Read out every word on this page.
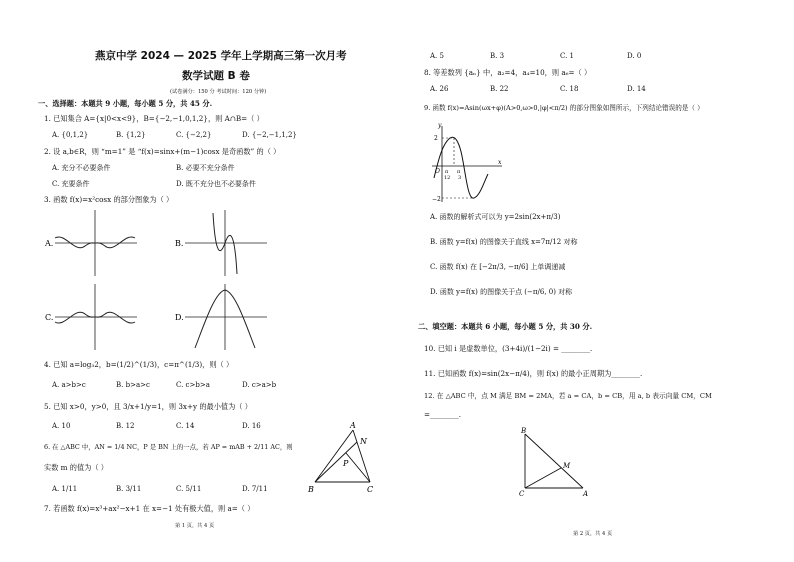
燕京中学 2024 — 2025 学年上学期高三第一次月考
数学试题 B 卷
(试卷满分：150 分 考试时间：120 分钟)
一、选择题：本题共 9 小题，每小题 5 分，共 45 分.
1. 已知集合 A={x|0<x<9}，B={−2,−1,0,1,2}，则 A∩B=（ ）
A. {0,1,2}	B. {1,2}	C. {−2,2}	D. {−2,−1,1,2}
2. 设 a,b∈R，则 “m=1” 是 “f(x)=sinx+(m−1)cosx 是奇函数” 的（ ）
A. 充分不必要条件	B. 必要不充分条件
C. 充要条件	D. 既不充分也不必要条件
3. 函数 f(x)=x²cosx 的部分图象为（ ）
A.	B.
C.	D.
4. 已知 a=log₃2，b=(1/2)^(1/3)，c=π^(1/3)，则（ ）
A. a>b>c	B. b>a>c	C. c>b>a	D. c>a>b
5. 已知 x>0，y>0，且 3/x+1/y=1，则 3x+y 的最小值为（ ）
A. 10	B. 12	C. 14	D. 16
6. 在 △ABC 中，AN = 1/4 NC，P 是 BN 上的一点，若 AP = mAB + 2/11 AC，则
实数 m 的值为（ ）
A. 1/11	B. 3/11	C. 5/11	D. 7/11
A
N
P
B	C
7. 若函数 f(x)=x³+ax²−x+1 在 x=−1 处有极大值，则 a=（ ）
第 1 页，共 4 页
A. 5	B. 3	C. 1	D. 0
8. 等差数列 {aₙ} 中，a₂=4，a₄=10，则 a₆=（ ）
A. 26	B. 22	C. 18	D. 14
9. 函数 f(x)=Asin(ωx+φ)(A>0,ω>0,|φ|<π/2) 的部分图象如图所示，下列结论错误的是（ ）
y
2
O π π
x
12 3
−2
A. 函数的解析式可以为 y=2sin(2x+π/3)
B. 函数 y=f(x) 的图像关于直线 x=7π/12 对称
C. 函数 f(x) 在 [−2π/3, −π/6] 上单调递减
D. 函数 y=f(x) 的图像关于点 (−π/6, 0) 对称
二、填空题：本题共 6 小题，每小题 5 分，共 30 分.
10. 已知 i 是虚数单位，(3+4i)/(1−2i) = ________.
11. 已知函数 f(x)=sin(2x−π/4)，则 f(x) 的最小正周期为________.
12. 在 △ABC 中，点 M 满足 BM = 2MA，若 a = CA，b = CB，用 a, b 表示向量 CM，CM
=________.
B
M
C	A
第 2 页，共 4 页
